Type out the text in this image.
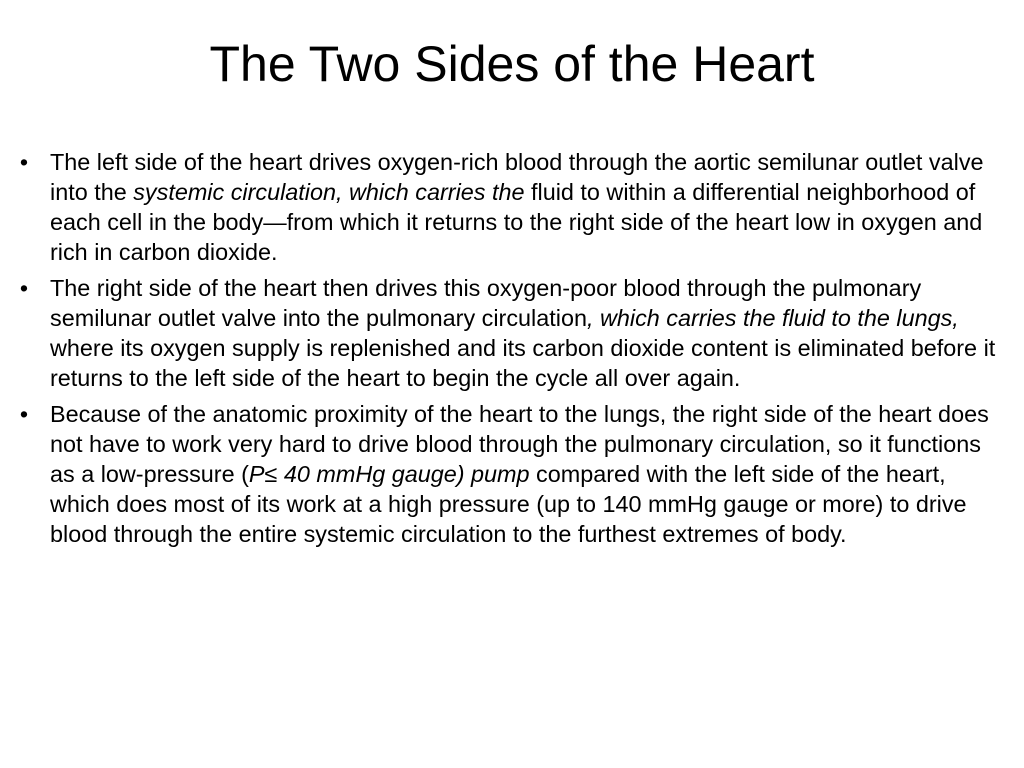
The Two Sides of the Heart
• The left side of the heart drives oxygen-rich blood through the aortic semilunar outlet valve into the systemic circulation, which carries the fluid to within a differential neighborhood of each cell in the body—from which it returns to the right side of the heart low in oxygen and rich in carbon dioxide.
• The right side of the heart then drives this oxygen-poor blood through the pulmonary semilunar outlet valve into the pulmonary circulation, which carries the fluid to the lungs, where its oxygen supply is replenished and its carbon dioxide content is eliminated before it returns to the left side of the heart to begin the cycle all over again.
• Because of the anatomic proximity of the heart to the lungs, the right side of the heart does not have to work very hard to drive blood through the pulmonary circulation, so it functions as a low-pressure (P≤ 40 mmHg gauge) pump compared with the left side of the heart, which does most of its work at a high pressure (up to 140 mmHg gauge or more) to drive blood through the entire systemic circulation to the furthest extremes of body.
